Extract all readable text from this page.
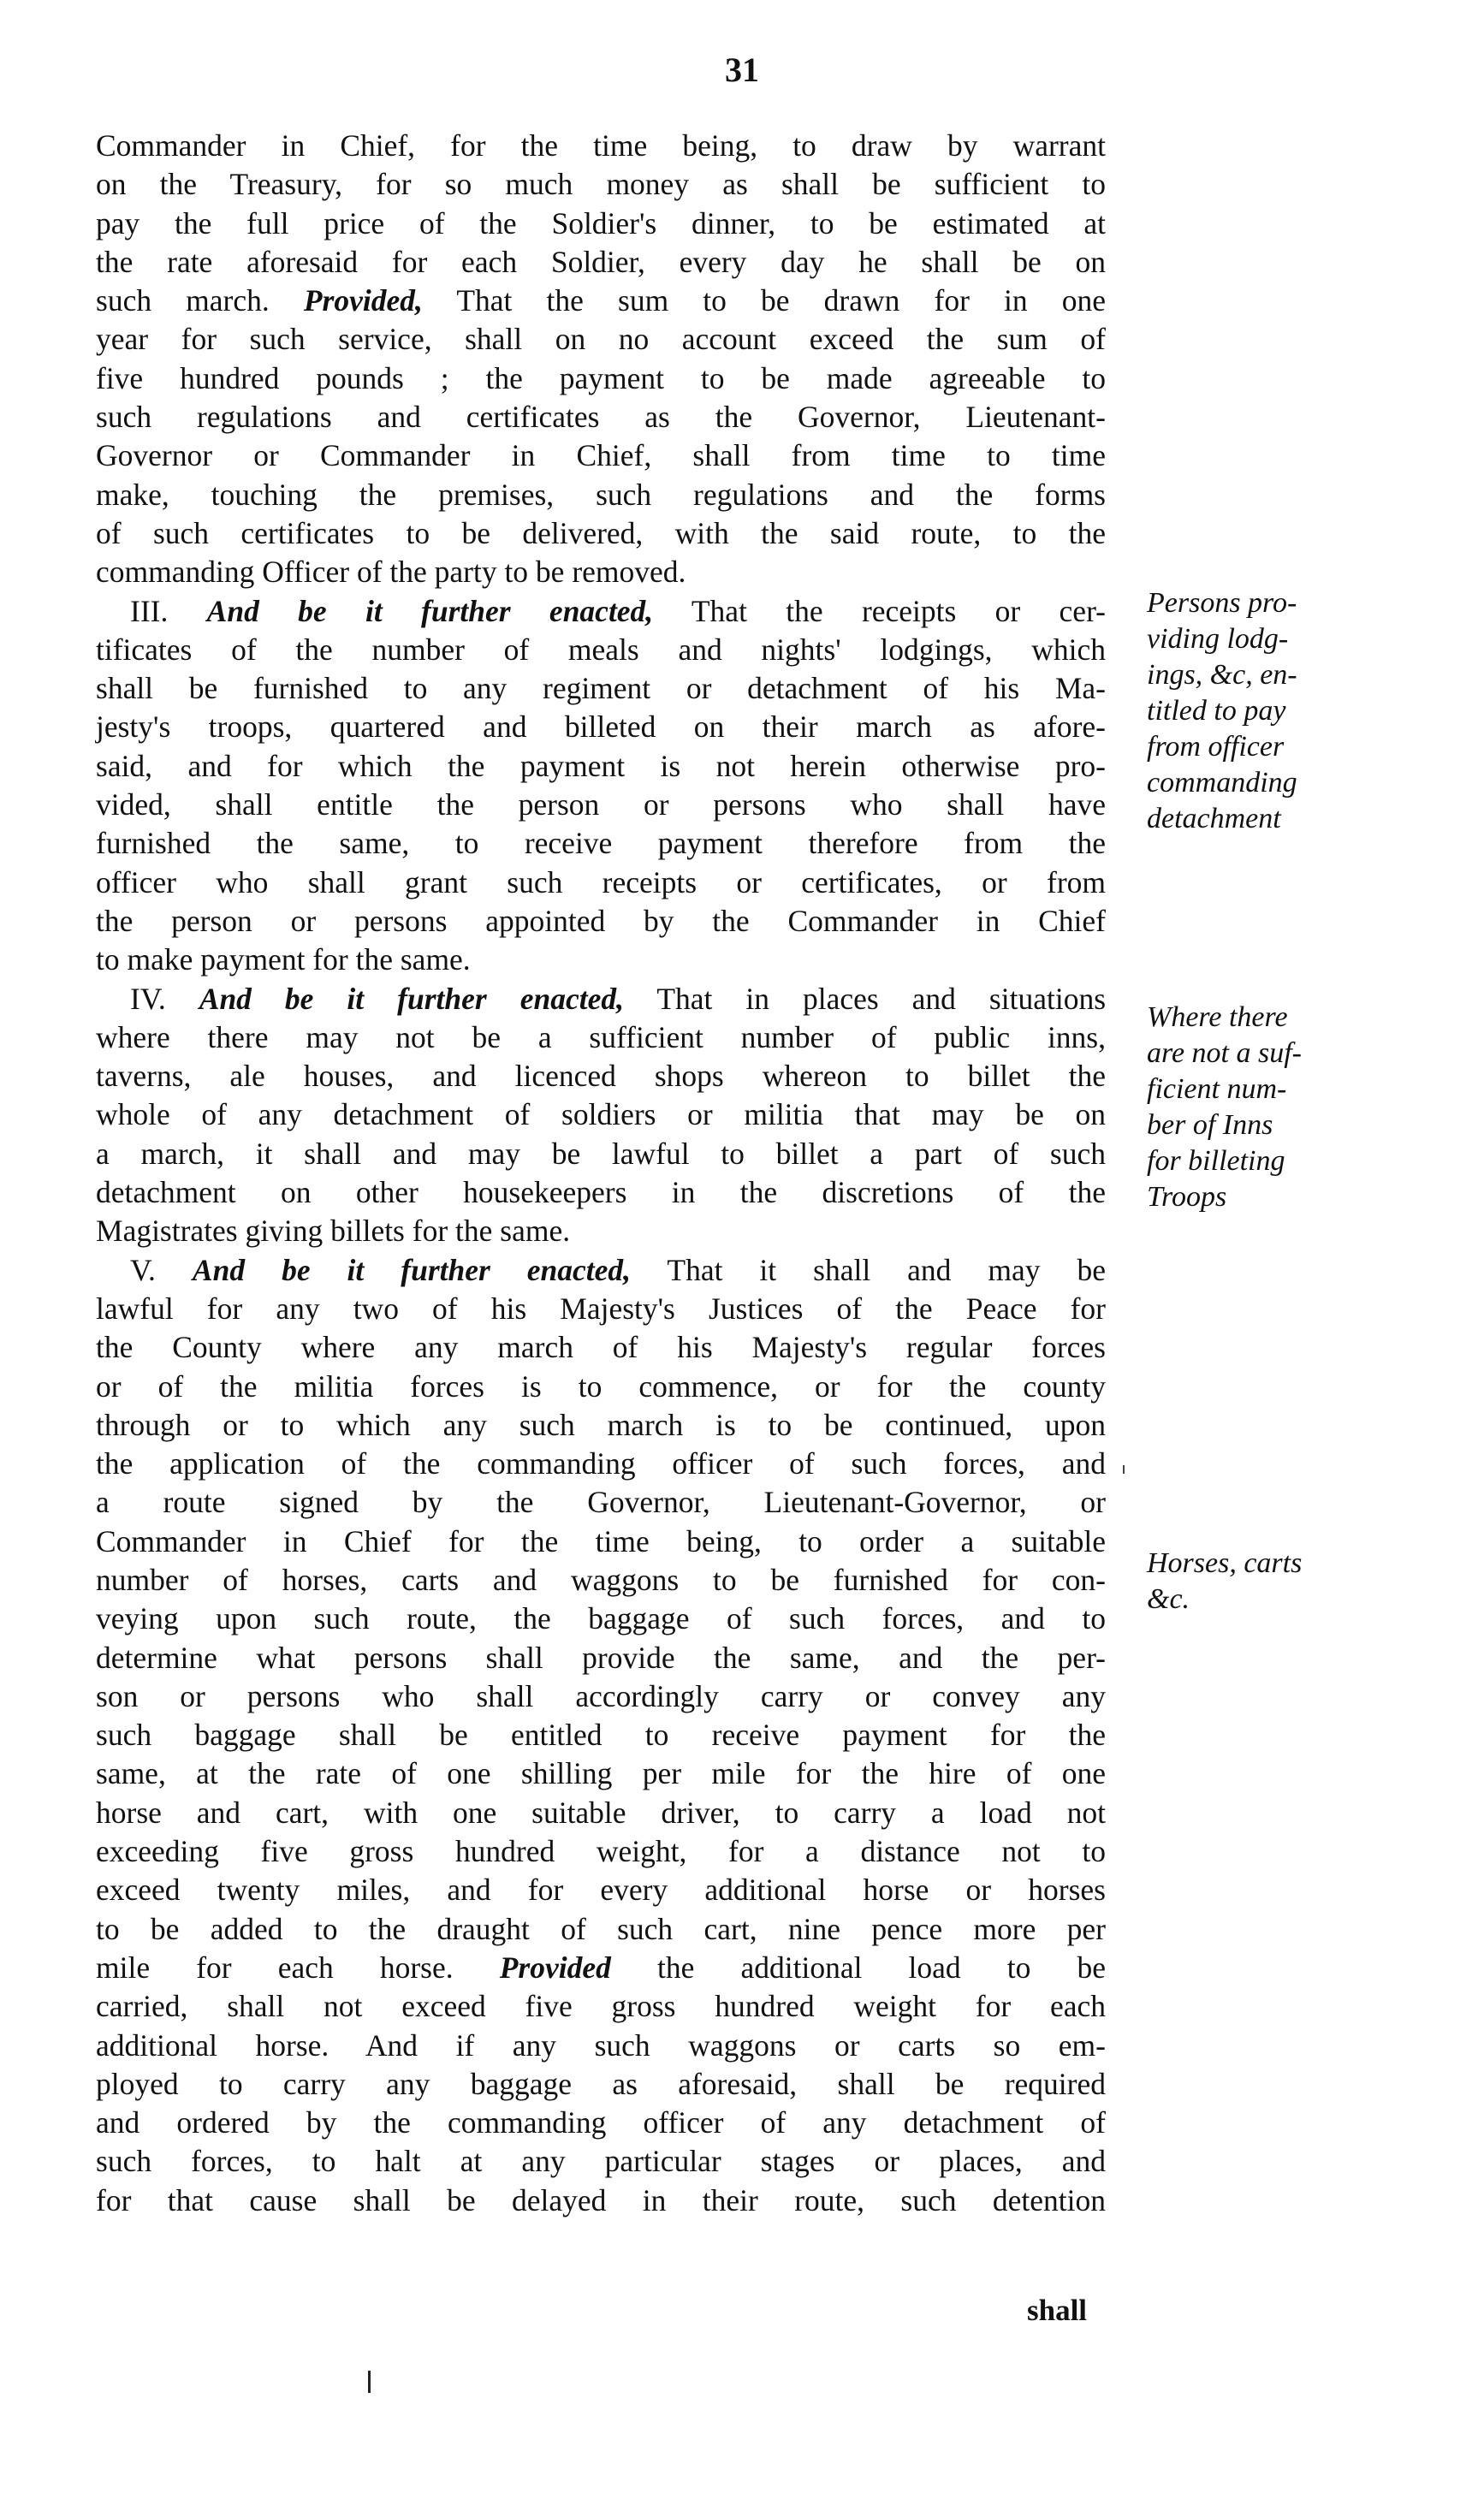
31
Commander in Chief, for the time being, to draw by warrant
on the Treasury, for so much money as shall be sufficient to
pay the full price of the Soldier's dinner, to be estimated at
the rate aforesaid for each Soldier, every day he shall be on
such march. Provided, That the sum to be drawn for in one
year for such service, shall on no account exceed the sum of
five hundred pounds ; the payment to be made agreeable to
such regulations and certificates as the Governor, Lieutenant-
Governor or Commander in Chief, shall from time to time
make, touching the premises, such regulations and the forms
of such certificates to be delivered, with the said route, to the
commanding Officer of the party to be removed.
III. And be it further enacted, That the receipts or cer-
tificates of the number of meals and nights' lodgings, which
shall be furnished to any regiment or detachment of his Ma-
jesty's troops, quartered and billeted on their march as afore-
said, and for which the payment is not herein otherwise pro-
vided, shall entitle the person or persons who shall have
furnished the same, to receive payment therefore from the
officer who shall grant such receipts or certificates, or from
the person or persons appointed by the Commander in Chief
to make payment for the same.
IV. And be it further enacted, That in places and situations
where there may not be a sufficient number of public inns,
taverns, ale houses, and licenced shops whereon to billet the
whole of any detachment of soldiers or militia that may be on
a march, it shall and may be lawful to billet a part of such
detachment on other housekeepers in the discretions of the
Magistrates giving billets for the same.
V. And be it further enacted, That it shall and may be
lawful for any two of his Majesty's Justices of the Peace for
the County where any march of his Majesty's regular forces
or of the militia forces is to commence, or for the county
through or to which any such march is to be continued, upon
the application of the commanding officer of such forces, and
a route signed by the Governor, Lieutenant-Governor, or
Commander in Chief for the time being, to order a suitable
number of horses, carts and waggons to be furnished for con-
veying upon such route, the baggage of such forces, and to
determine what persons shall provide the same, and the per-
son or persons who shall accordingly carry or convey any
such baggage shall be entitled to receive payment for the
same, at the rate of one shilling per mile for the hire of one
horse and cart, with one suitable driver, to carry a load not
exceeding five gross hundred weight, for a distance not to
exceed twenty miles, and for every additional horse or horses
to be added to the draught of such cart, nine pence more per
mile for each horse. Provided the additional load to be
carried, shall not exceed five gross hundred weight for each
additional horse. And if any such waggons or carts so em-
ployed to carry any baggage as aforesaid, shall be required
and ordered by the commanding officer of any detachment of
such forces, to halt at any particular stages or places, and
for that cause shall be delayed in their route, such detention
Persons pro-
viding lodg-
ings, &c, en-
titled to pay
from officer
commanding
detachment
Where there
are not a suf-
ficient num-
ber of Inns
for billeting
Troops
Horses, carts
&c.
shall
